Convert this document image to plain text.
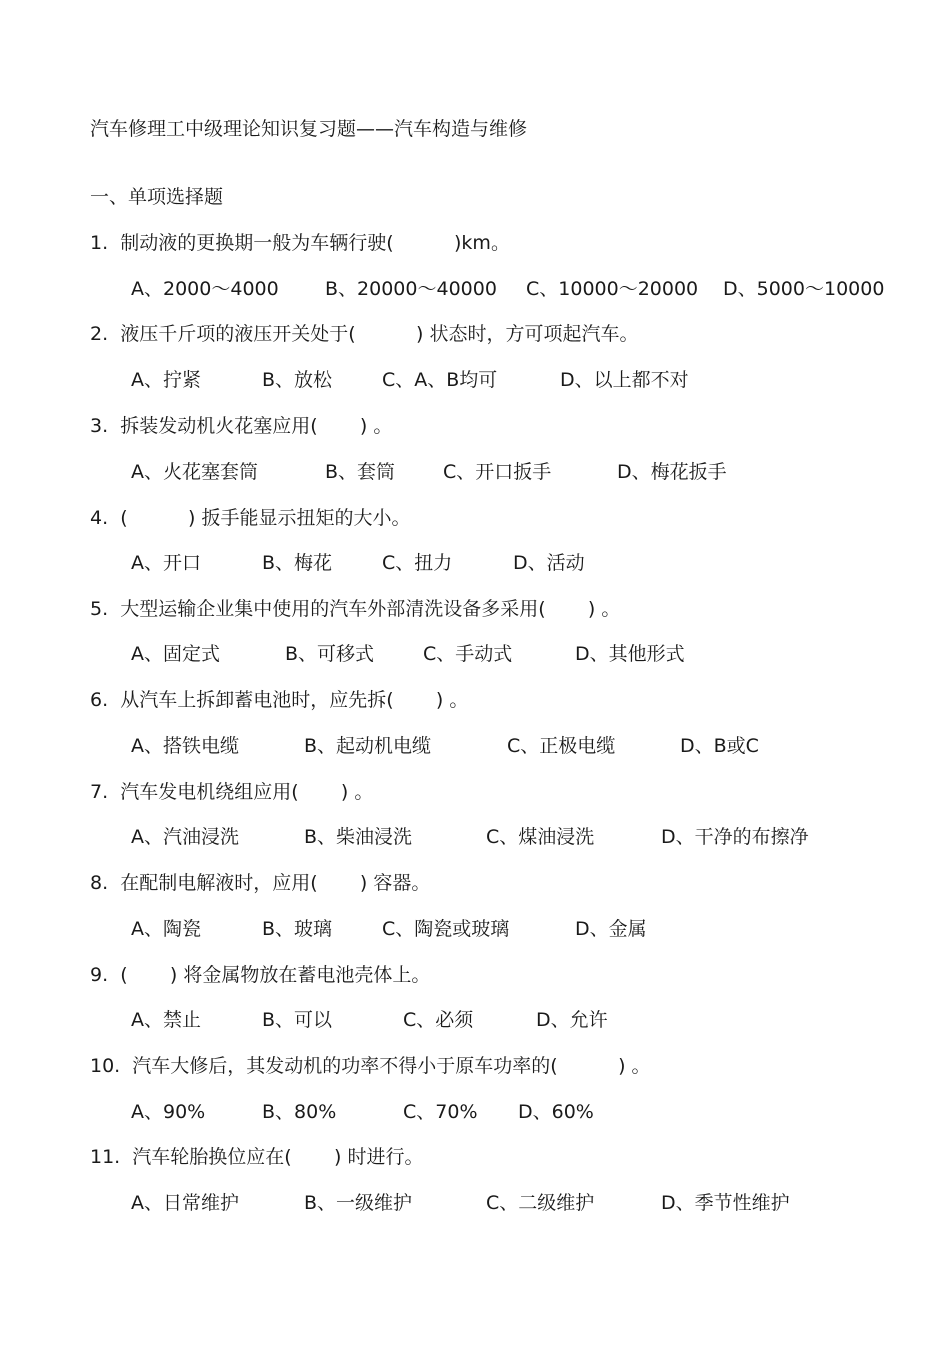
汽车修理工中级理论知识复习题——汽车构造与维修
一、单项选择题
1.  制动液的更换期一般为车辆行驶(          )km。
A、2000～4000 B、20000～40000 C、10000～20000 D、5000～10000
2.  液压千斤项的液压开关处于(          ) 状态时，方可项起汽车。
A、拧紧	B、放松	C、A、B均可	D、以上都不对
3.  拆装发动机火花塞应用(       ) 。
A、火花塞套筒	B、套筒	C、开口扳手	D、梅花扳手
4.  (          ) 扳手能显示扭矩的大小。
A、开口	B、梅花	C、扭力	D、活动
5.  大型运输企业集中使用的汽车外部清洗设备多采用(       ) 。
A、固定式	B、可移式	C、手动式	D、其他形式
6.  从汽车上拆卸蓄电池时，应先拆(       ) 。
A、搭铁电缆	B、起动机电缆	C、正极电缆	D、B或C
7.  汽车发电机绕组应用(       ) 。
A、汽油浸洗	B、柴油浸洗	C、煤油浸洗	D、干净的布擦净
8.  在配制电解液时，应用(       ) 容器。
A、陶瓷	B、玻璃	C、陶瓷或玻璃	D、金属
9.  (       ) 将金属物放在蓄电池壳体上。
A、禁止	B、可以	C、必须	D、允许
10.  汽车大修后，其发动机的功率不得小于原车功率的(          ) 。
A、90%	B、80%	C、70% D、60%
11.  汽车轮胎换位应在(       ) 时进行。
A、日常维护	B、一级维护	C、二级维护	D、季节性维护
